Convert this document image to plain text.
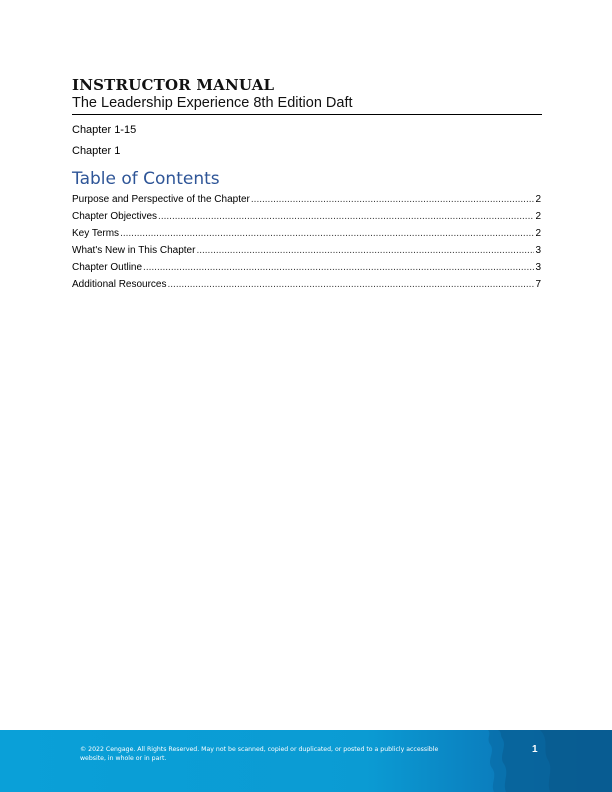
INSTRUCTOR MANUAL
The Leadership Experience 8th Edition Daft
Chapter 1-15
Chapter 1
Table of Contents
Purpose and Perspective of the Chapter .....	2
Chapter Objectives .....	2
Key Terms .....	2
What's New in This Chapter .....	3
Chapter Outline .....	3
Additional Resources .....	7
© 2022 Cengage. All Rights Reserved. May not be scanned, copied or duplicated, or posted to a publicly accessible
website, in whole or in part.
1
